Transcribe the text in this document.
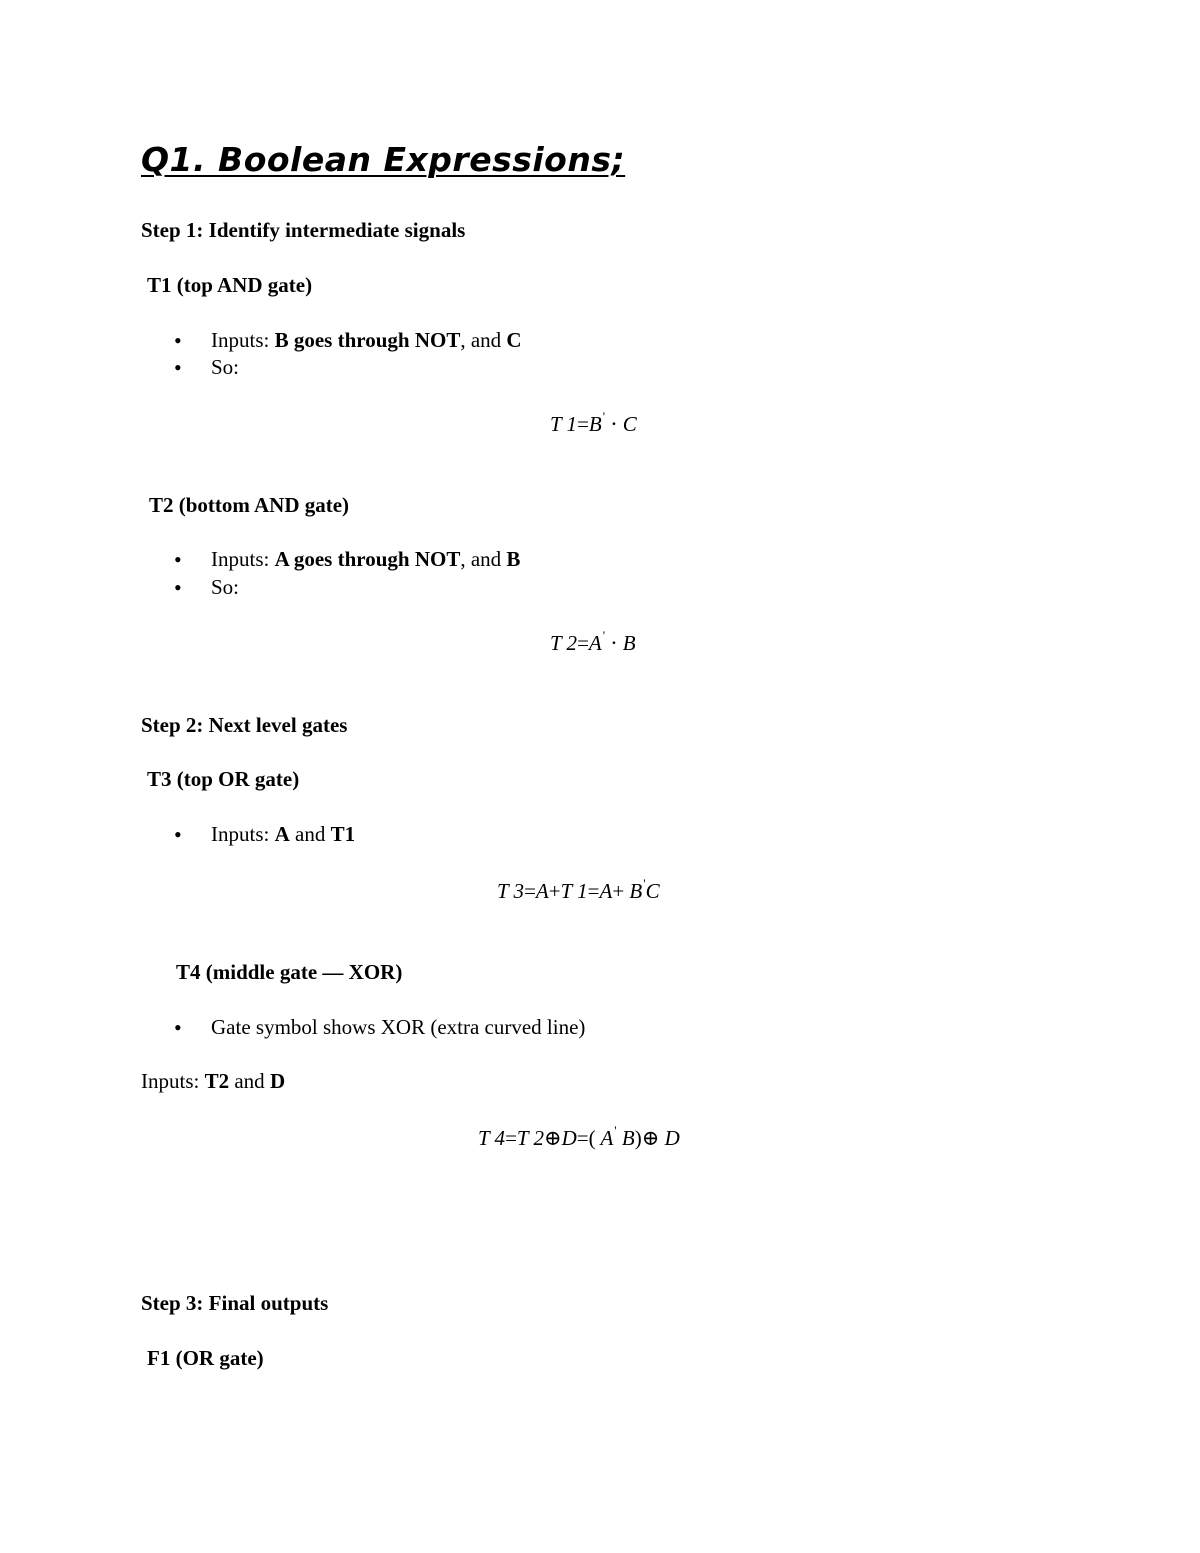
Q1. Boolean Expressions;
Step 1: Identify intermediate signals
T1 (top AND gate)
• Inputs: B goes through NOT, and C
• So:
T 1=B' ⋅ C
T2 (bottom AND gate)
• Inputs: A goes through NOT, and B
• So:
T 2=A' ⋅ B
Step 2: Next level gates
T3 (top OR gate)
• Inputs: A and T1
T 3=A+T 1=A+ B'C
T4 (middle gate — XOR)
• Gate symbol shows XOR (extra curved line)
Inputs: T2 and D
T 4=T 2⊕D=( A' B)⊕ D
Step 3: Final outputs
F1 (OR gate)
